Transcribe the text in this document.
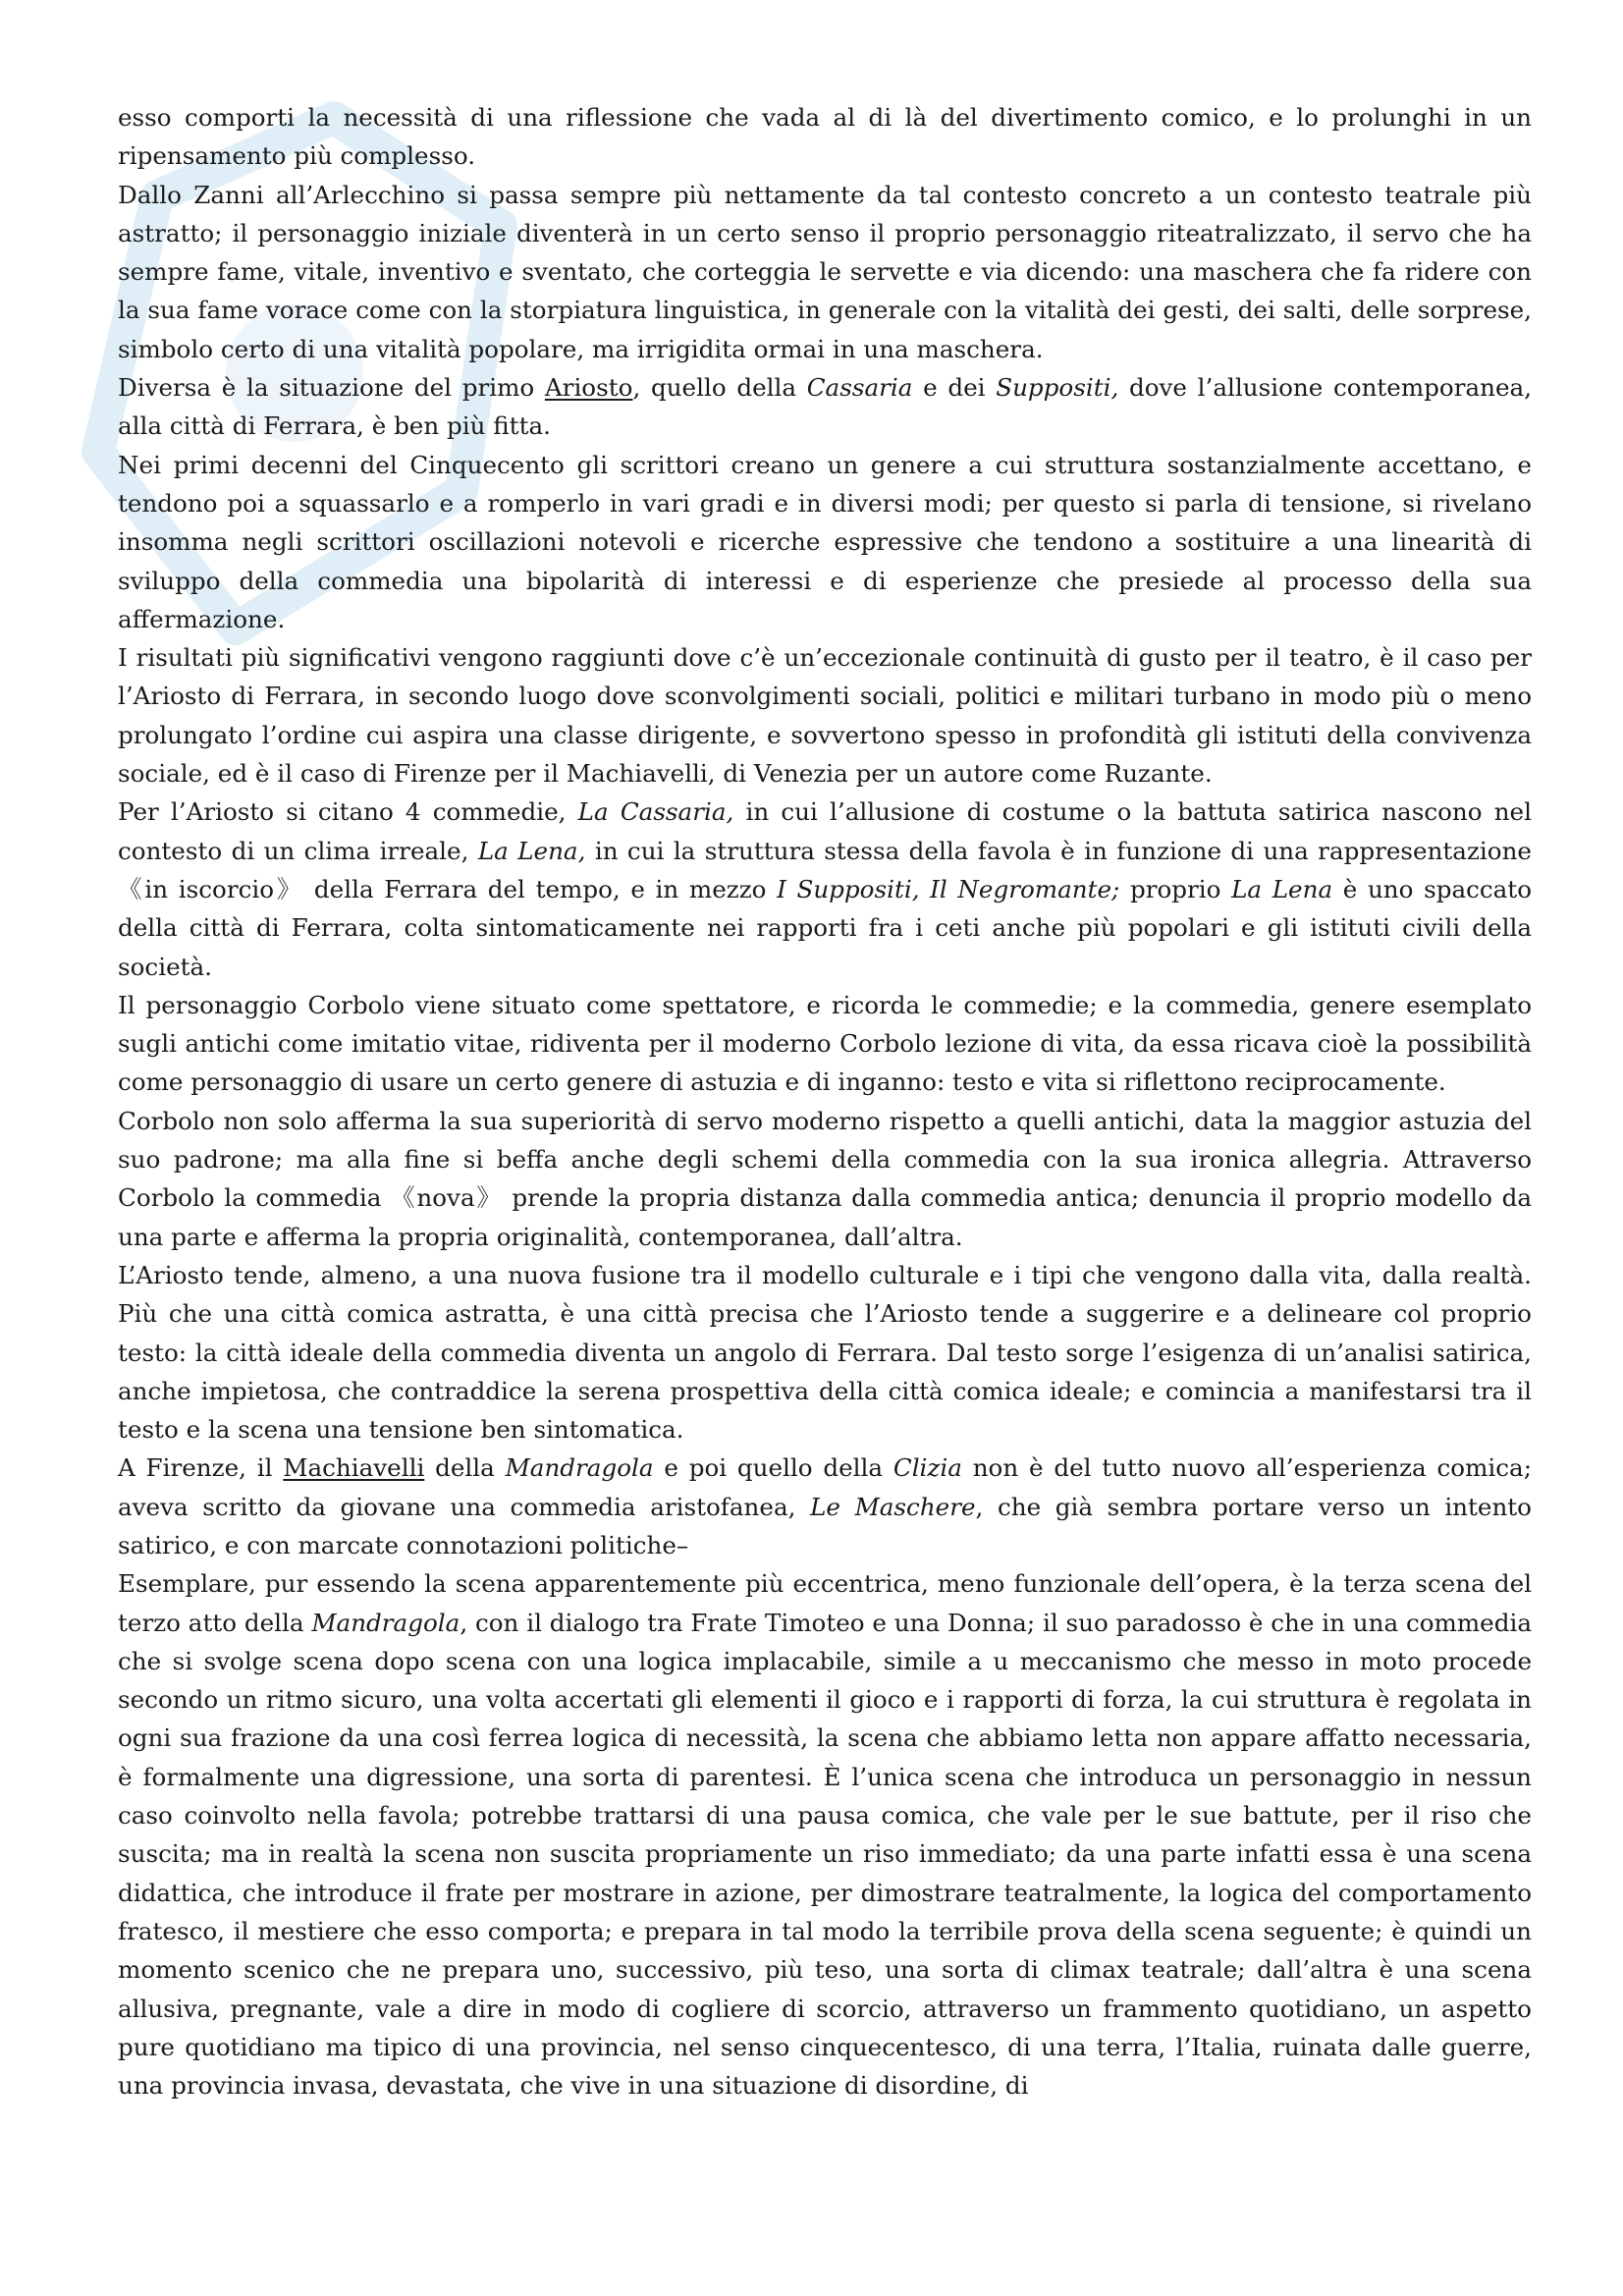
esso comporti la necessità di una riflessione che vada al di là del divertimento comico, e lo prolunghi in un ripensamento più complesso.

Dallo Zanni all’Arlecchino si passa sempre più nettamente da tal contesto concreto a un contesto teatrale più astratto; il personaggio iniziale diventerà in un certo senso il proprio personaggio riteatralizzato, il servo che ha sempre fame, vitale, inventivo e sventato, che corteggia le servette e via dicendo: una maschera che fa ridere con la sua fame vorace come con la storpiatura linguistica, in generale con la vitalità dei gesti, dei salti, delle sorprese, simbolo certo di una vitalità popolare, ma irrigidita ormai in una maschera.

Diversa è la situazione del primo Ariosto, quello della Cassaria e dei Suppositi, dove l’allusione contemporanea, alla città di Ferrara, è ben più fitta.

Nei primi decenni del Cinquecento gli scrittori creano un genere a cui struttura sostanzialmente accettano, e tendono poi a squassarlo e a romperlo in vari gradi e in diversi modi; per questo si parla di tensione, si rivelano insomma negli scrittori oscillazioni notevoli e ricerche espressive che tendono a sostituire a una linearità di sviluppo della commedia una bipolarità di interessi e di esperienze che presiede al processo della sua affermazione.

I risultati più significativi vengono raggiunti dove c’è un’eccezionale continuità di gusto per il teatro, è il caso per l’Ariosto di Ferrara, in secondo luogo dove sconvolgimenti sociali, politici e militari turbano in modo più o meno prolungato l’ordine cui aspira una classe dirigente, e sovvertono spesso in profondità gli istituti della convivenza sociale, ed è il caso di Firenze per il Machiavelli, di Venezia per un autore come Ruzante.

Per l’Ariosto si citano 4 commedie, La Cassaria, in cui l’allusione di costume o la battuta satirica nascono nel contesto di un clima irreale, La Lena, in cui la struttura stessa della favola è in funzione di una rappresentazione 《in iscorcio》 della Ferrara del tempo, e in mezzo I Suppositi, Il Negromante; proprio La Lena è uno spaccato della città di Ferrara, colta sintomaticamente nei rapporti fra i ceti anche più popolari e gli istituti civili della società.

Il personaggio Corbolo viene situato come spettatore, e ricorda le commedie; e la commedia, genere esemplato sugli antichi come imitatio vitae, ridiventa per il moderno Corbolo lezione di vita, da essa ricava cioè la possibilità come personaggio di usare un certo genere di astuzia e di inganno: testo e vita si riflettono reciprocamente.

Corbolo non solo afferma la sua superiorità di servo moderno rispetto a quelli antichi, data la maggior astuzia del suo padrone; ma alla fine si beffa anche degli schemi della commedia con la sua ironica allegria. Attraverso Corbolo la commedia 《nova》 prende la propria distanza dalla commedia antica; denuncia il proprio modello da una parte e afferma la propria originalità, contemporanea, dall’altra.

L’Ariosto tende, almeno, a una nuova fusione tra il modello culturale e i tipi che vengono dalla vita, dalla realtà. Più che una città comica astratta, è una città precisa che l’Ariosto tende a suggerire e a delineare col proprio testo: la città ideale della commedia diventa un angolo di Ferrara. Dal testo sorge l’esigenza di un’analisi satirica, anche impietosa, che contraddice la serena prospettiva della città comica ideale; e comincia a manifestarsi tra il testo e la scena una tensione ben sintomatica.

A Firenze, il Machiavelli della Mandragola e poi quello della Clizia non è del tutto nuovo all’esperienza comica; aveva scritto da giovane una commedia aristofanea, Le Maschere, che già sembra portare verso un intento satirico, e con marcate connotazioni politiche–

Esemplare, pur essendo la scena apparentemente più eccentrica, meno funzionale dell’opera, è la terza scena del terzo atto della Mandragola, con il dialogo tra Frate Timoteo e una Donna; il suo paradosso è che in una commedia che si svolge scena dopo scena con una logica implacabile, simile a u meccanismo che messo in moto procede secondo un ritmo sicuro, una volta accertati gli elementi il gioco e i rapporti di forza, la cui struttura è regolata in ogni sua frazione da una così ferrea logica di necessità, la scena che abbiamo letta non appare affatto necessaria, è formalmente una digressione, una sorta di parentesi. È l’unica scena che introduca un personaggio in nessun caso coinvolto nella favola; potrebbe trattarsi di una pausa comica, che vale per le sue battute, per il riso che suscita; ma in realtà la scena non suscita propriamente un riso immediato; da una parte infatti essa è una scena didattica, che introduce il frate per mostrare in azione, per dimostrare teatralmente, la logica del comportamento fratesco, il mestiere che esso comporta; e prepara in tal modo la terribile prova della scena seguente; è quindi un momento scenico che ne prepara uno, successivo, più teso, una sorta di climax teatrale; dall’altra è una scena allusiva, pregnante, vale a dire in modo di cogliere di scorcio, attraverso un frammento quotidiano, un aspetto pure quotidiano ma tipico di una provincia, nel senso cinquecentesco, di una terra, l’Italia, ruinata dalle guerre, una provincia invasa, devastata, che vive in una situazione di disordine, di
